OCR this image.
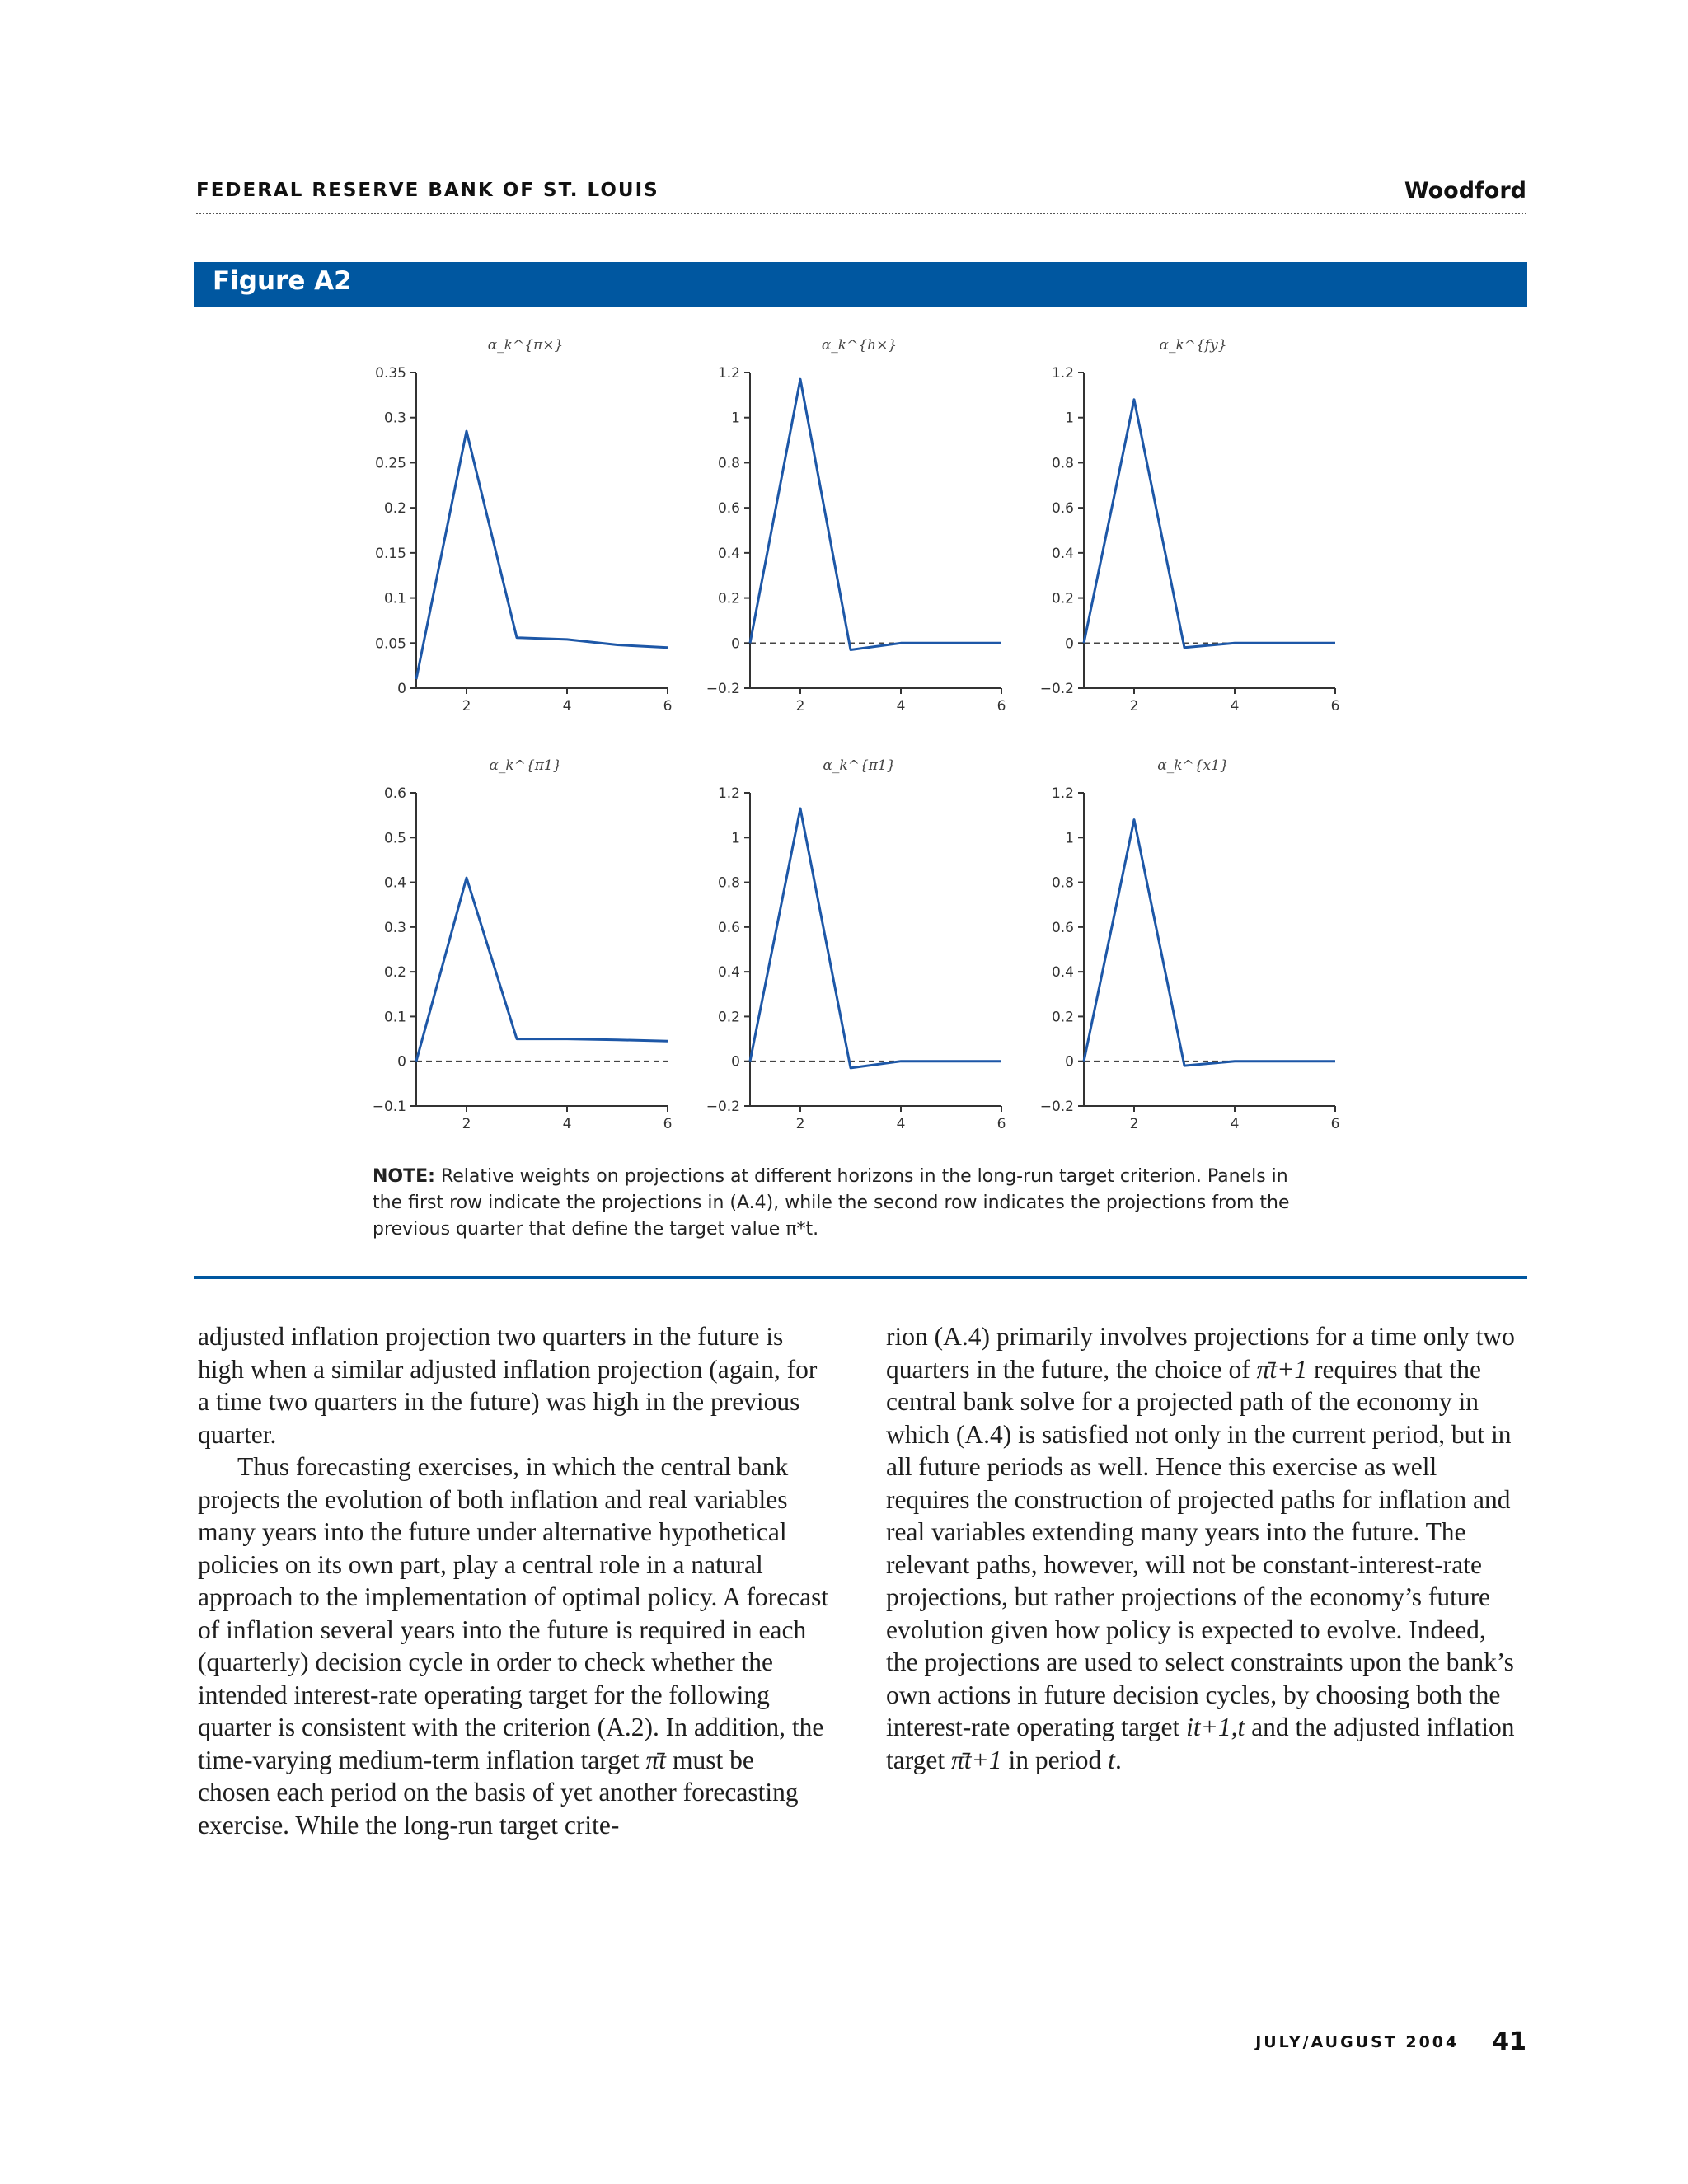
FEDERAL RESERVE BANK OF ST. LOUIS	Woodford
Figure A2
0
0.05
0.1
0.15
0.2
0.25
0.3
0.35
2	4	6
α_k^{π×}
−0.2
0
0.2
0.4
0.6
0.8
1
1.2
2	4	6
α_k^{h×}
−0.2
0
0.2
0.4
0.6
0.8
1
1.2
2	4	6
α_k^{fy}
−0.1
0
0.1
0.2
0.3
0.4
0.5
0.6
2	4	6
α_k^{π1}
−0.2
0
0.2
0.4
0.6
0.8
1
1.2
2	4	6
α_k^{π1}
−0.2
0
0.2
0.4
0.6
0.8
1
1.2
2	4	6
α_k^{x1}
NOTE: Relative weights on projections at different horizons in the long-run target criterion. Panels in
the first row indicate the projections in (A.4), while the second row indicates the projections from the
previous quarter that define the target value π*t.

adjusted inflation projection two quarters in the future is high when a similar adjusted inflation projection (again, for a time two quarters in the future) was high in the previous quarter.

Thus forecasting exercises, in which the central bank projects the evolution of both inflation and real variables many years into the future under alternative hypothetical policies on its own part, play a central role in a natural approach to the implementation of optimal policy. A forecast of inflation several years into the future is required in each (quarterly) decision cycle in order to check whether the intended interest-rate operating target for the following quarter is consistent with the criterion (A.2). In addition, the time-varying medium-term inflation target π̄t must be chosen each period on the basis of yet another forecasting exercise. While the long-run target crite-

rion (A.4) primarily involves projections for a time only two quarters in the future, the choice of π̄t+1 requires that the central bank solve for a projected path of the economy in which (A.4) is satisfied not only in the current period, but in all future periods as well. Hence this exercise as well requires the construction of projected paths for inflation and real variables extending many years into the future. The relevant paths, however, will not be constant-interest-rate projections, but rather projections of the economy’s future evolution given how policy is expected to evolve. Indeed, the projections are used to select constraints upon the bank’s own actions in future decision cycles, by choosing both the interest-rate operating target it+1,t and the adjusted inflation target π̄t+1 in period t.

JULY/AUGUST 2004 41
